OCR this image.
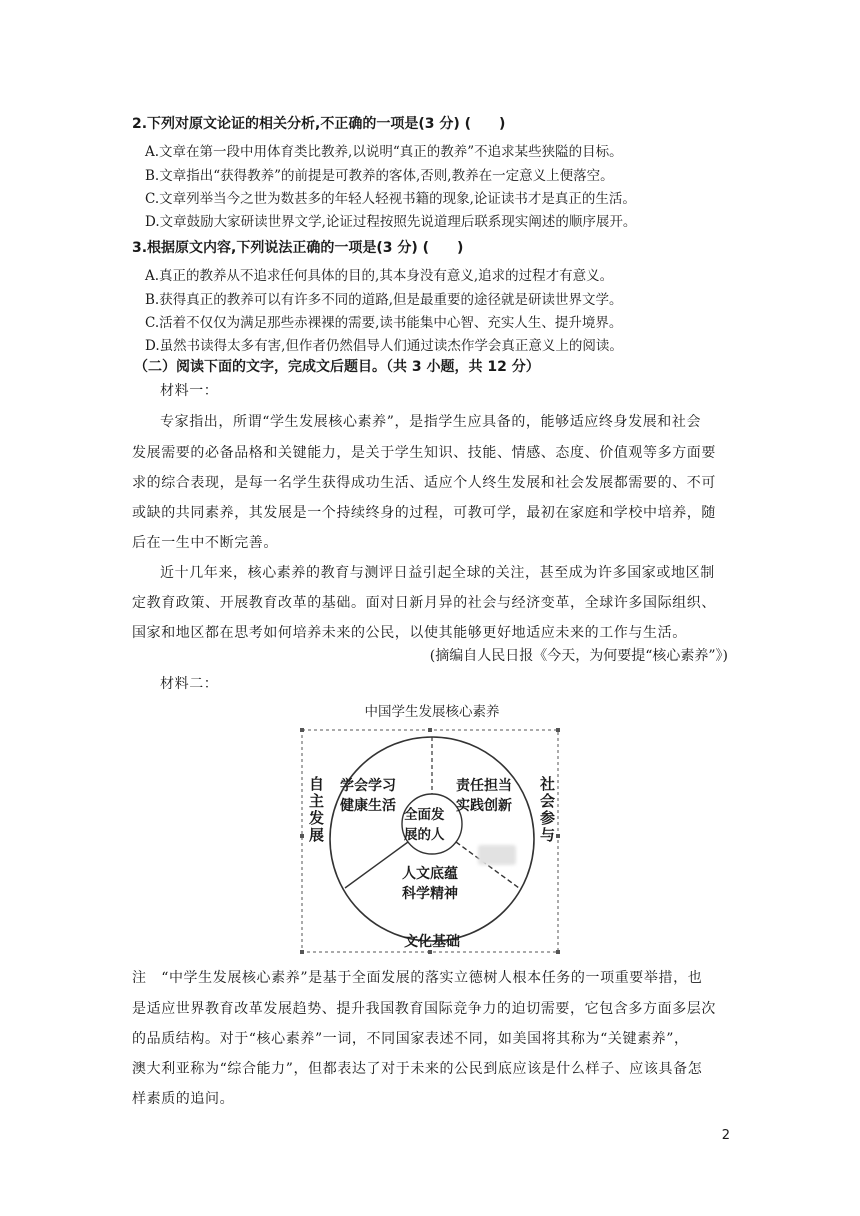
2.下列对原文论证的相关分析,不正确的一项是(3 分) (　　)
A.文章在第一段中用体育类比教养,以说明“真正的教养”不追求某些狭隘的目标。
B.文章指出“获得教养”的前提是可教养的客体,否则,教养在一定意义上便落空。
C.文章列举当今之世为数甚多的年轻人轻视书籍的现象,论证读书才是真正的生活。
D.文章鼓励大家研读世界文学,论证过程按照先说道理后联系现实阐述的顺序展开。
3.根据原文内容,下列说法正确的一项是(3 分) (　　)
A.真正的教养从不追求任何具体的目的,其本身没有意义,追求的过程才有意义。
B.获得真正的教养可以有许多不同的道路,但是最重要的途径就是研读世界文学。
C.活着不仅仅为满足那些赤裸裸的需要,读书能集中心智、充实人生、提升境界。
D.虽然书读得太多有害,但作者仍然倡导人们通过读杰作学会真正意义上的阅读。
（二）阅读下面的文字，完成文后题目。（共 3 小题，共 12 分）
材料一：
专家指出，所谓“学生发展核心素养”，是指学生应具备的，能够适应终身发展和社会
发展需要的必备品格和关键能力，是关于学生知识、技能、情感、态度、价值观等多方面要
求的综合表现，是每一名学生获得成功生活、适应个人终生发展和社会发展都需要的、不可
或缺的共同素养，其发展是一个持续终身的过程，可教可学，最初在家庭和学校中培养，随
后在一生中不断完善。
近十几年来，核心素养的教育与测评日益引起全球的关注，甚至成为许多国家或地区制
定教育政策、开展教育改革的基础。面对日新月异的社会与经济变革，全球许多国际组织、
国家和地区都在思考如何培养未来的公民，以使其能够更好地适应未来的工作与生活。
(摘编自人民日报《今天，为何要提“核心素养”》)
材料二：
中国学生发展核心素养
自主发展	社会参与
文化基础
学会学习
健康生活
责任担当
实践创新
全面发
展的人
人文底蕴
科学精神
注　“中学生发展核心素养”是基于全面发展的落实立德树人根本任务的一项重要举措，也
是适应世界教育改革发展趋势、提升我国教育国际竞争力的迫切需要，它包含多方面多层次
的品质结构。对于“核心素养”一词，不同国家表述不同，如美国将其称为“关键素养”，
澳大利亚称为“综合能力”，但都表达了对于未来的公民到底应该是什么样子、应该具备怎
样素质的追问。
2
